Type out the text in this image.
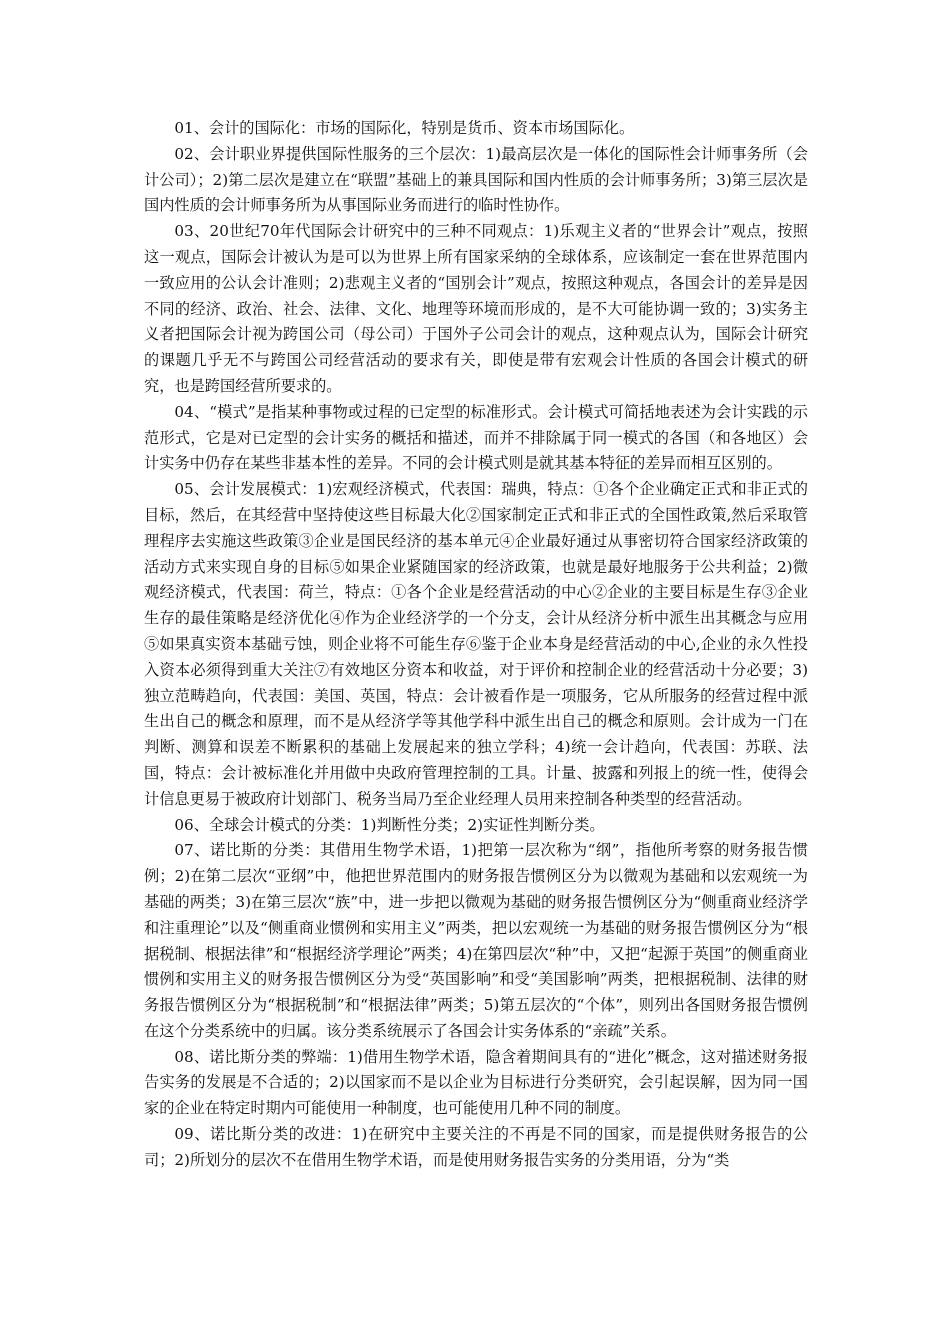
01、会计的国际化：市场的国际化，特别是货币、资本市场国际化。

02、会计职业界提供国际性服务的三个层次：1)最高层次是一体化的国际性会计师事务所（会计公司）；2)第二层次是建立在“联盟”基础上的兼具国际和国内性质的会计师事务所；3)第三层次是国内性质的会计师事务所为从事国际业务而进行的临时性协作。

03、20世纪70年代国际会计研究中的三种不同观点：1)乐观主义者的“世界会计”观点，按照这一观点，国际会计被认为是可以为世界上所有国家采纳的全球体系，应该制定一套在世界范围内一致应用的公认会计准则；2)悲观主义者的“国别会计”观点，按照这种观点，各国会计的差异是因不同的经济、政治、社会、法律、文化、地理等环境而形成的，是不大可能协调一致的；3)实务主义者把国际会计视为跨国公司（母公司）于国外子公司会计的观点，这种观点认为，国际会计研究的课题几乎无不与跨国公司经营活动的要求有关，即使是带有宏观会计性质的各国会计模式的研究，也是跨国经营所要求的。

04、“模式”是指某种事物或过程的已定型的标准形式。会计模式可简括地表述为会计实践的示范形式，它是对已定型的会计实务的概括和描述，而并不排除属于同一模式的各国（和各地区）会计实务中仍存在某些非基本性的差异。不同的会计模式则是就其基本特征的差异而相互区别的。

05、会计发展模式：1)宏观经济模式，代表国：瑞典，特点：①各个企业确定正式和非正式的目标，然后，在其经营中坚持使这些目标最大化②国家制定正式和非正式的全国性政策,然后采取管理程序去实施这些政策③企业是国民经济的基本单元④企业最好通过从事密切符合国家经济政策的活动方式来实现自身的目标⑤如果企业紧随国家的经济政策，也就是最好地服务于公共利益；2)微观经济模式，代表国：荷兰，特点：①各个企业是经营活动的中心②企业的主要目标是生存③企业生存的最佳策略是经济优化④作为企业经济学的一个分支，会计从经济分析中派生出其概念与应用⑤如果真实资本基础亏蚀，则企业将不可能生存⑥鉴于企业本身是经营活动的中心,企业的永久性投入资本必须得到重大关注⑦有效地区分资本和收益，对于评价和控制企业的经营活动十分必要；3)独立范畴趋向，代表国：美国、英国，特点：会计被看作是一项服务，它从所服务的经营过程中派生出自己的概念和原理，而不是从经济学等其他学科中派生出自己的概念和原则。会计成为一门在判断、测算和误差不断累积的基础上发展起来的独立学科；4)统一会计趋向，代表国：苏联、法国，特点：会计被标准化并用做中央政府管理控制的工具。计量、披露和列报上的统一性，使得会计信息更易于被政府计划部门、税务当局乃至企业经理人员用来控制各种类型的经营活动。

06、全球会计模式的分类：1)判断性分类；2)实证性判断分类。

07、诺比斯的分类：其借用生物学术语，1)把第一层次称为“纲”，指他所考察的财务报告惯例；2)在第二层次“亚纲”中，他把世界范围内的财务报告惯例区分为以微观为基础和以宏观统一为基础的两类；3)在第三层次“族”中，进一步把以微观为基础的财务报告惯例区分为“侧重商业经济学和注重理论”以及“侧重商业惯例和实用主义”两类，把以宏观统一为基础的财务报告惯例区分为“根据税制、根据法律”和“根据经济学理论”两类；4)在第四层次“种”中，又把“起源于英国”的侧重商业惯例和实用主义的财务报告惯例区分为受“英国影响”和受“美国影响”两类，把根据税制、法律的财务报告惯例区分为“根据税制”和“根据法律”两类；5)第五层次的“个体”，则列出各国财务报告惯例在这个分类系统中的归属。该分类系统展示了各国会计实务体系的“亲疏”关系。

08、诺比斯分类的弊端：1)借用生物学术语，隐含着期间具有的“进化”概念，这对描述财务报告实务的发展是不合适的；2)以国家而不是以企业为目标进行分类研究，会引起误解，因为同一国家的企业在特定时期内可能使用一种制度，也可能使用几种不同的制度。

09、诺比斯分类的改进：1)在研究中主要关注的不再是不同的国家，而是提供财务报告的公司；2)所划分的层次不在借用生物学术语，而是使用财务报告实务的分类用语，分为“类
